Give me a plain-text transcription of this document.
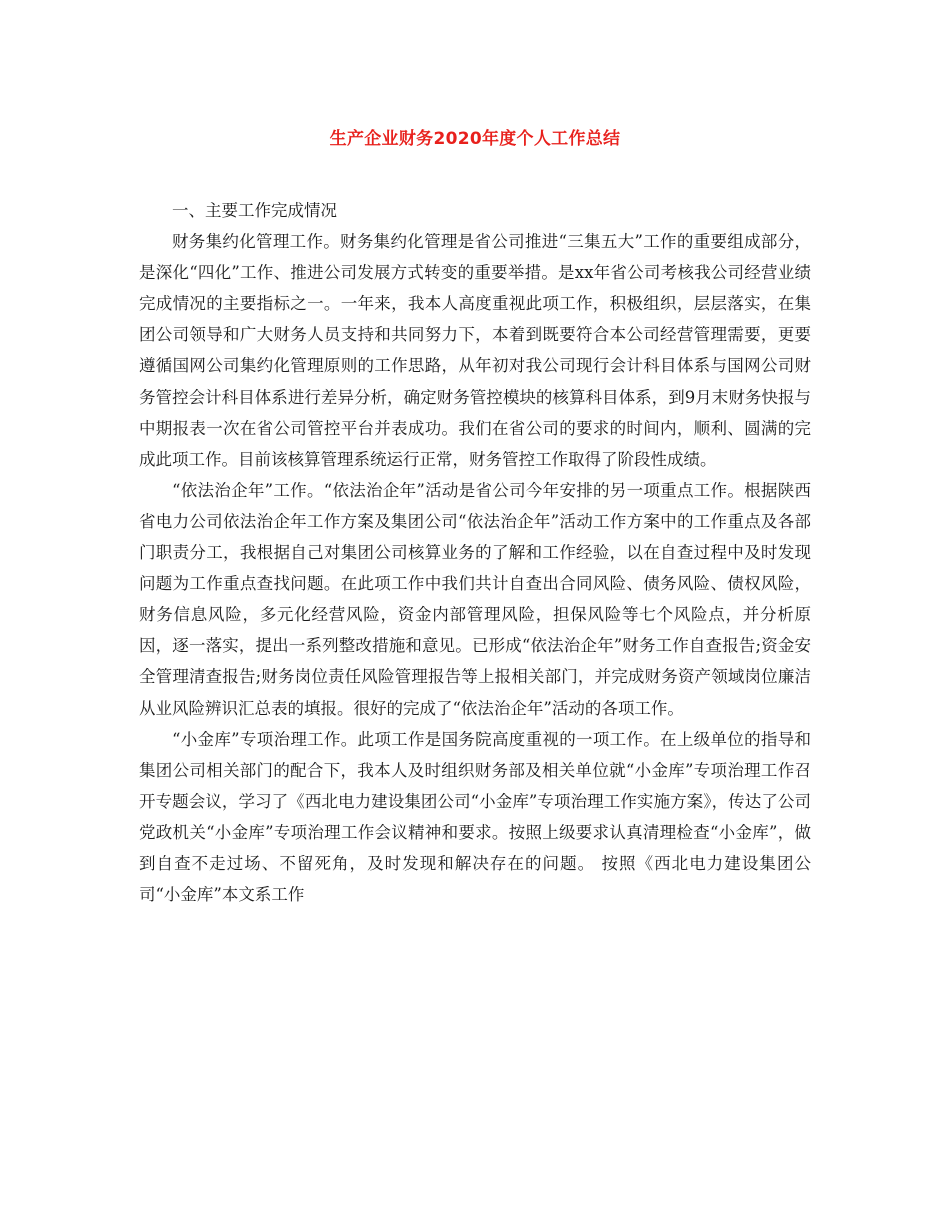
生产企业财务2020年度个人工作总结

一、主要工作完成情况

财务集约化管理工作。财务集约化管理是省公司推进“三集五大”工作的重要组成部分，是深化“四化”工作、推进公司发展方式转变的重要举措。是xx年省公司考核我公司经营业绩完成情况的主要指标之一。一年来，我本人高度重视此项工作，积极组织，层层落实，在集团公司领导和广大财务人员支持和共同努力下，本着到既要符合本公司经营管理需要，更要遵循国网公司集约化管理原则的工作思路，从年初对我公司现行会计科目体系与国网公司财务管控会计科目体系进行差异分析，确定财务管控模块的核算科目体系，到9月末财务快报与中期报表一次在省公司管控平台并表成功。我们在省公司的要求的时间内，顺利、圆满的完成此项工作。目前该核算管理系统运行正常，财务管控工作取得了阶段性成绩。

“依法治企年”工作。“依法治企年”活动是省公司今年安排的另一项重点工作。根据陕西省电力公司依法治企年工作方案及集团公司“依法治企年”活动工作方案中的工作重点及各部门职责分工，我根据自己对集团公司核算业务的了解和工作经验，以在自查过程中及时发现问题为工作重点查找问题。在此项工作中我们共计自查出合同风险、债务风险、债权风险，财务信息风险，多元化经营风险，资金内部管理风险，担保风险等七个风险点，并分析原因，逐一落实，提出一系列整改措施和意见。已形成“依法治企年”财务工作自查报告;资金安全管理清查报告;财务岗位责任风险管理报告等上报相关部门，并完成财务资产领域岗位廉洁从业风险辨识汇总表的填报。很好的完成了“依法治企年”活动的各项工作。

“小金库”专项治理工作。此项工作是国务院高度重视的一项工作。在上级单位的指导和集团公司相关部门的配合下，我本人及时组织财务部及相关单位就“小金库”专项治理工作召开专题会议，学习了《西北电力建设集团公司“小金库”专项治理工作实施方案》，传达了公司党政机关“小金库”专项治理工作会议精神和要求。按照上级要求认真清理检查“小金库”，做到自查不走过场、不留死角，及时发现和解决存在的问题。 按照《西北电力建设集团公司“小金库”本文系工作
